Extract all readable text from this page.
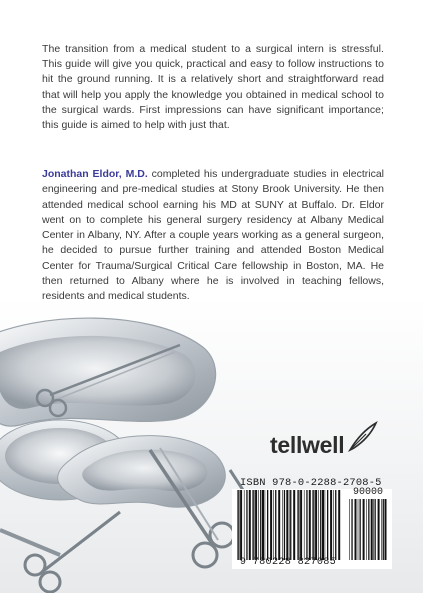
The transition from a medical student to a surgical intern is stressful. This guide will give you quick, practical and easy to follow instructions to hit the ground running. It is a relatively short and straightforward read that will help you apply the knowledge you obtained in medical school to the surgical wards. First impressions can have significant importance; this guide is aimed to help with just that.

Jonathan Eldor, M.D. completed his undergraduate studies in electrical engineering and pre-medical studies at Stony Brook University. He then attended medical school earning his MD at SUNY at Buffalo. Dr. Eldor went on to complete his general surgery residency at Albany Medical Center in Albany, NY. After a couple years working as a general surgeon, he decided to pursue further training and attended Boston Medical Center for Trauma/Surgical Critical Care fellowship in Boston, MA. He then returned to Albany where he is involved in teaching fellows, residents and medical students.

tellwell
ISBN 978-0-2288-2708-5
90000
9 780228 827085
